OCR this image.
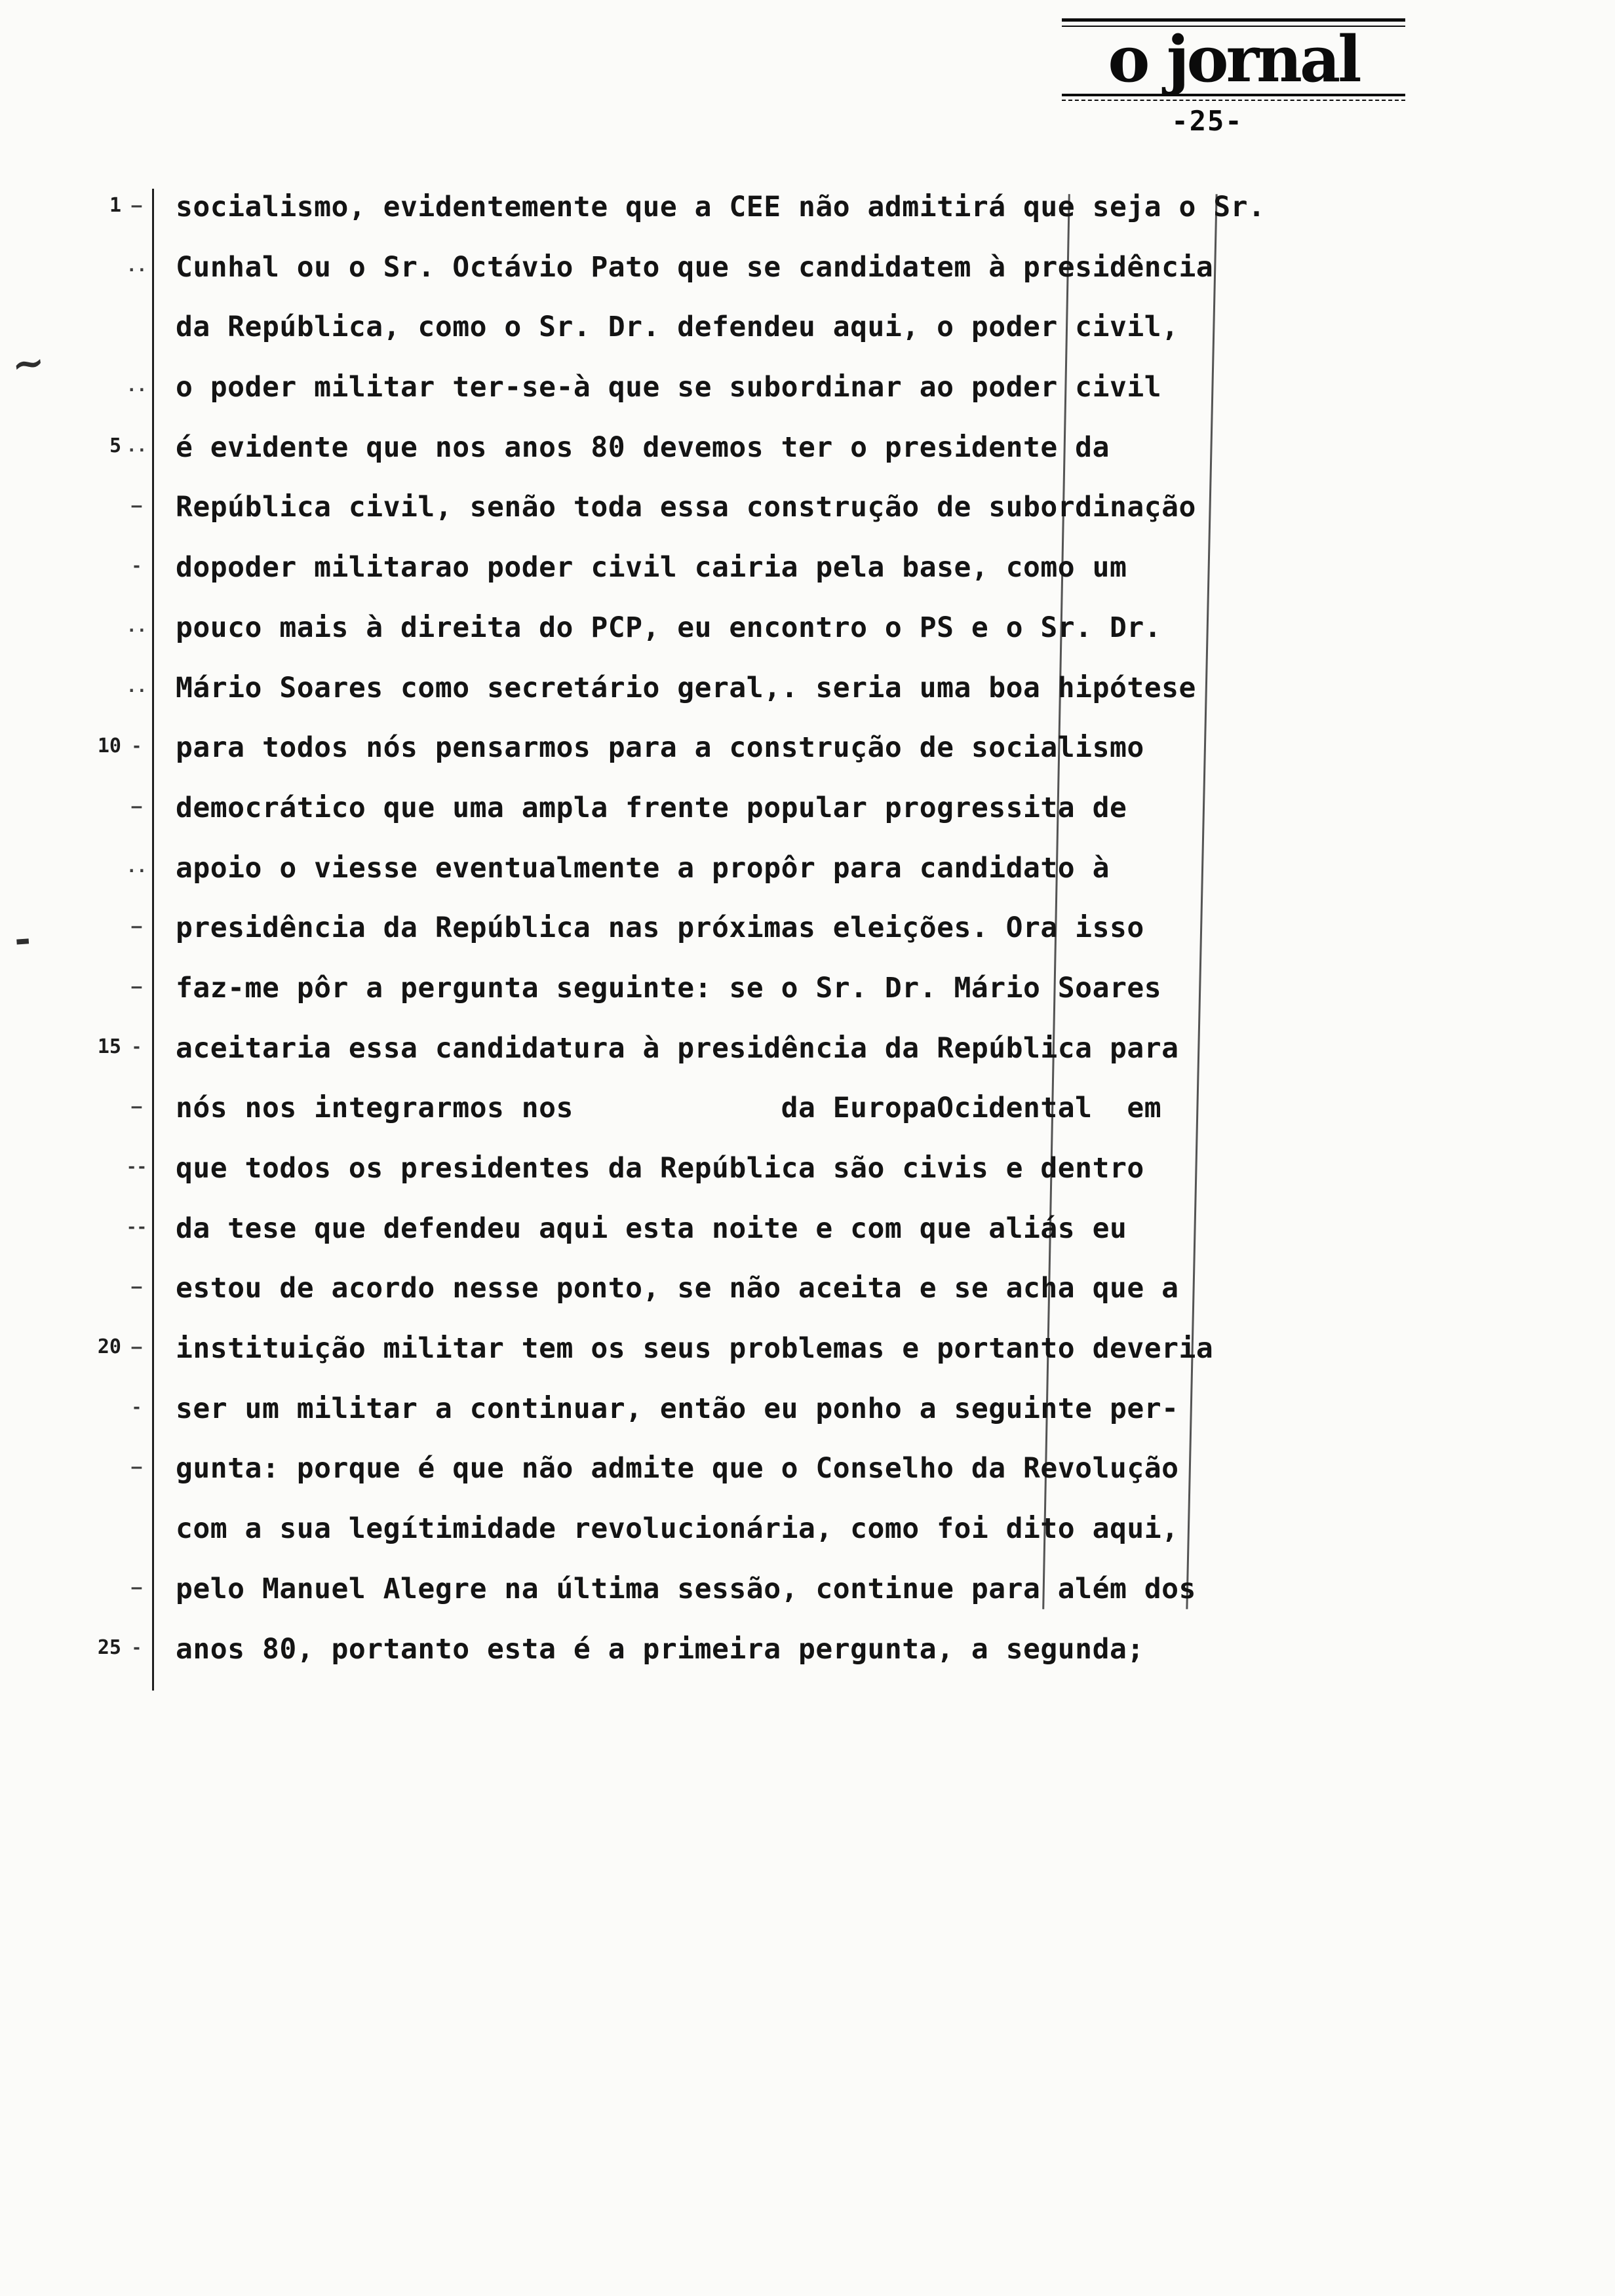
o jornal
-25-
~
-
1 –	socialismo, evidentemente que a CEE não admitirá que seja o Sr.
..	Cunhal ou o Sr. Octávio Pato que se candidatem à presidência
da República, como o Sr. Dr. defendeu aqui, o poder civil,
..	o poder militar ter-se-à que se subordinar ao poder civil
5 ..	é evidente que nos anos 80 devemos ter o presidente da
–	República civil, senão toda essa construção de subordinação
-	dopoder militarao poder civil cairia pela base, como um
..	pouco mais à direita do PCP, eu encontro o PS e o Sr. Dr.
..	Mário Soares como secretário geral,. seria uma boa hipótese
10 -	para todos nós pensarmos para a construção de socialismo
–	democrático que uma ampla frente popular progressita de
..	apoio o viesse eventualmente a propôr para candidato à
–	presidência da República nas próximas eleições. Ora isso
–	faz-me pôr a pergunta seguinte: se o Sr. Dr. Mário Soares
15 -	aceitaria essa candidatura à presidência da República para
–	nós nos integrarmos nos            da EuropaOcidental  em
--	que todos os presidentes da República são civis e dentro
--	da tese que defendeu aqui esta noite e com que aliás eu
–	estou de acordo nesse ponto, se não aceita e se acha que a
20 —	instituição militar tem os seus problemas e portanto deveria
-	ser um militar a continuar, então eu ponho a seguinte per-
–	gunta: porque é que não admite que o Conselho da Revolução
com a sua legítimidade revolucionária, como foi dito aqui,
–	pelo Manuel Alegre na última sessão, continue para além dos
25 -	anos 80, portanto esta é a primeira pergunta, a segunda;
